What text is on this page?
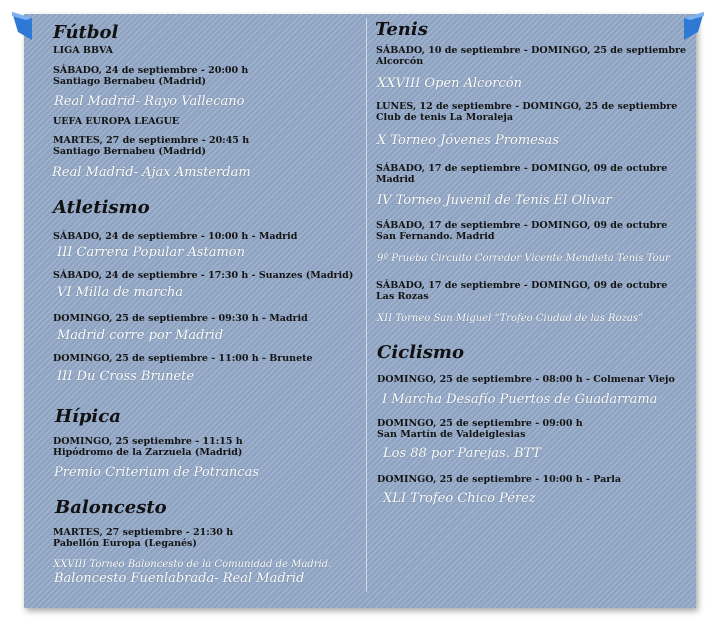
Fútbol
LIGA BBVA
SÁBADO, 24 de septiembre - 20:00 h
Santiago Bernabeu (Madrid)
Real Madrid- Rayo Vallecano
UEFA EUROPA LEAGUE
MARTES, 27 de septiembre - 20:45 h
Santiago Bernabeu (Madrid)
Real Madrid- Ajax Amsterdam
Atletismo
SÁBADO, 24 de septiembre - 10:00 h - Madrid
III Carrera Popular Astamon
SÁBADO, 24 de septiembre - 17:30 h - Suanzes (Madrid)
VI Milla de marcha
DOMINGO, 25 de septiembre - 09:30 h - Madrid
Madrid corre por Madrid
DOMINGO, 25 de septiembre - 11:00 h - Brunete
III Du Cross Brunete
Hípica
DOMINGO, 25 septiembre - 11:15 h
Hipódromo de la Zarzuela (Madrid)
Premio Criterium de Potrancas
Baloncesto
MARTES, 27 septiembre - 21:30 h
Pabellón Europa (Leganés)
XXVIII Torneo Baloncesto de la Comunidad de Madrid.
Baloncesto Fuenlabrada- Real Madrid
Tenis
SÁBADO, 10 de septiembre - DOMINGO, 25 de septiembre
Alcorcón
XXVIII Open Alcorcón
LUNES, 12 de septiembre - DOMINGO, 25 de septiembre
Club de tenis La Moraleja
X Torneo Jóvenes Promesas
SÁBADO, 17 de septiembre - DOMINGO, 09 de octubre
Madrid
IV Torneo Juvenil de Tenis El Olivar
SÁBADO, 17 de septiembre - DOMINGO, 09 de octubre
San Fernando. Madrid
9ª Prueba Circuito Corredor Vicente Mendieta Tenis Tour
SÁBADO, 17 de septiembre - DOMINGO, 09 de octubre
Las Rozas
XII Torneo San Miguel “Trofeo Ciudad de las Rozas”
Ciclismo
DOMINGO, 25 de septiembre - 08:00 h - Colmenar Viejo
I Marcha Desafío Puertos de Guadarrama
DOMINGO, 25 de septiembre - 09:00 h
San Martín de Valdeiglesias
Los 88 por Parejas. BTT
DOMINGO, 25 de septiembre - 10:00 h - Parla
XLI Trofeo Chico Pérez
